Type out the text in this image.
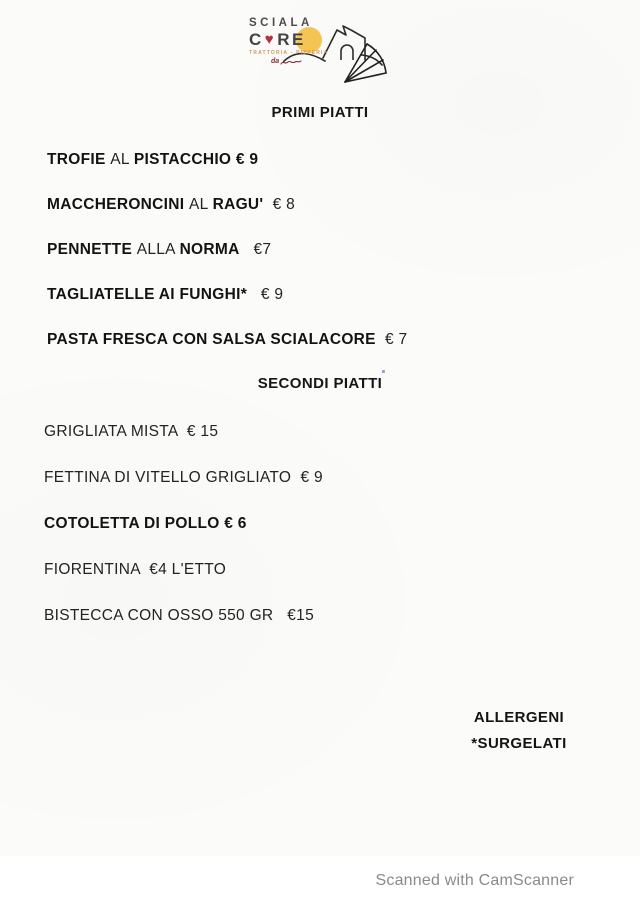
SCIALA
C ♥ RE
TRATTORIA - PIZZERIA
da
PRIMI PIATTI
TROFIE AL PISTACCHIO € 9
MACCHERONCINI AL RAGU' € 8
PENNETTE ALLA NORMA €7
TAGLIATELLE AI FUNGHI* € 9
PASTA FRESCA CON SALSA SCIALACORE € 7
SECONDI PIATTI
GRIGLIATA MISTA  € 15
FETTINA DI VITELLO GRIGLIATO  € 9
COTOLETTA DI POLLO € 6
FIORENTINA  €4 L'ETTO
BISTECCA CON OSSO 550 GR   €15
ALLERGENI
*SURGELATI
Scanned with CamScanner
